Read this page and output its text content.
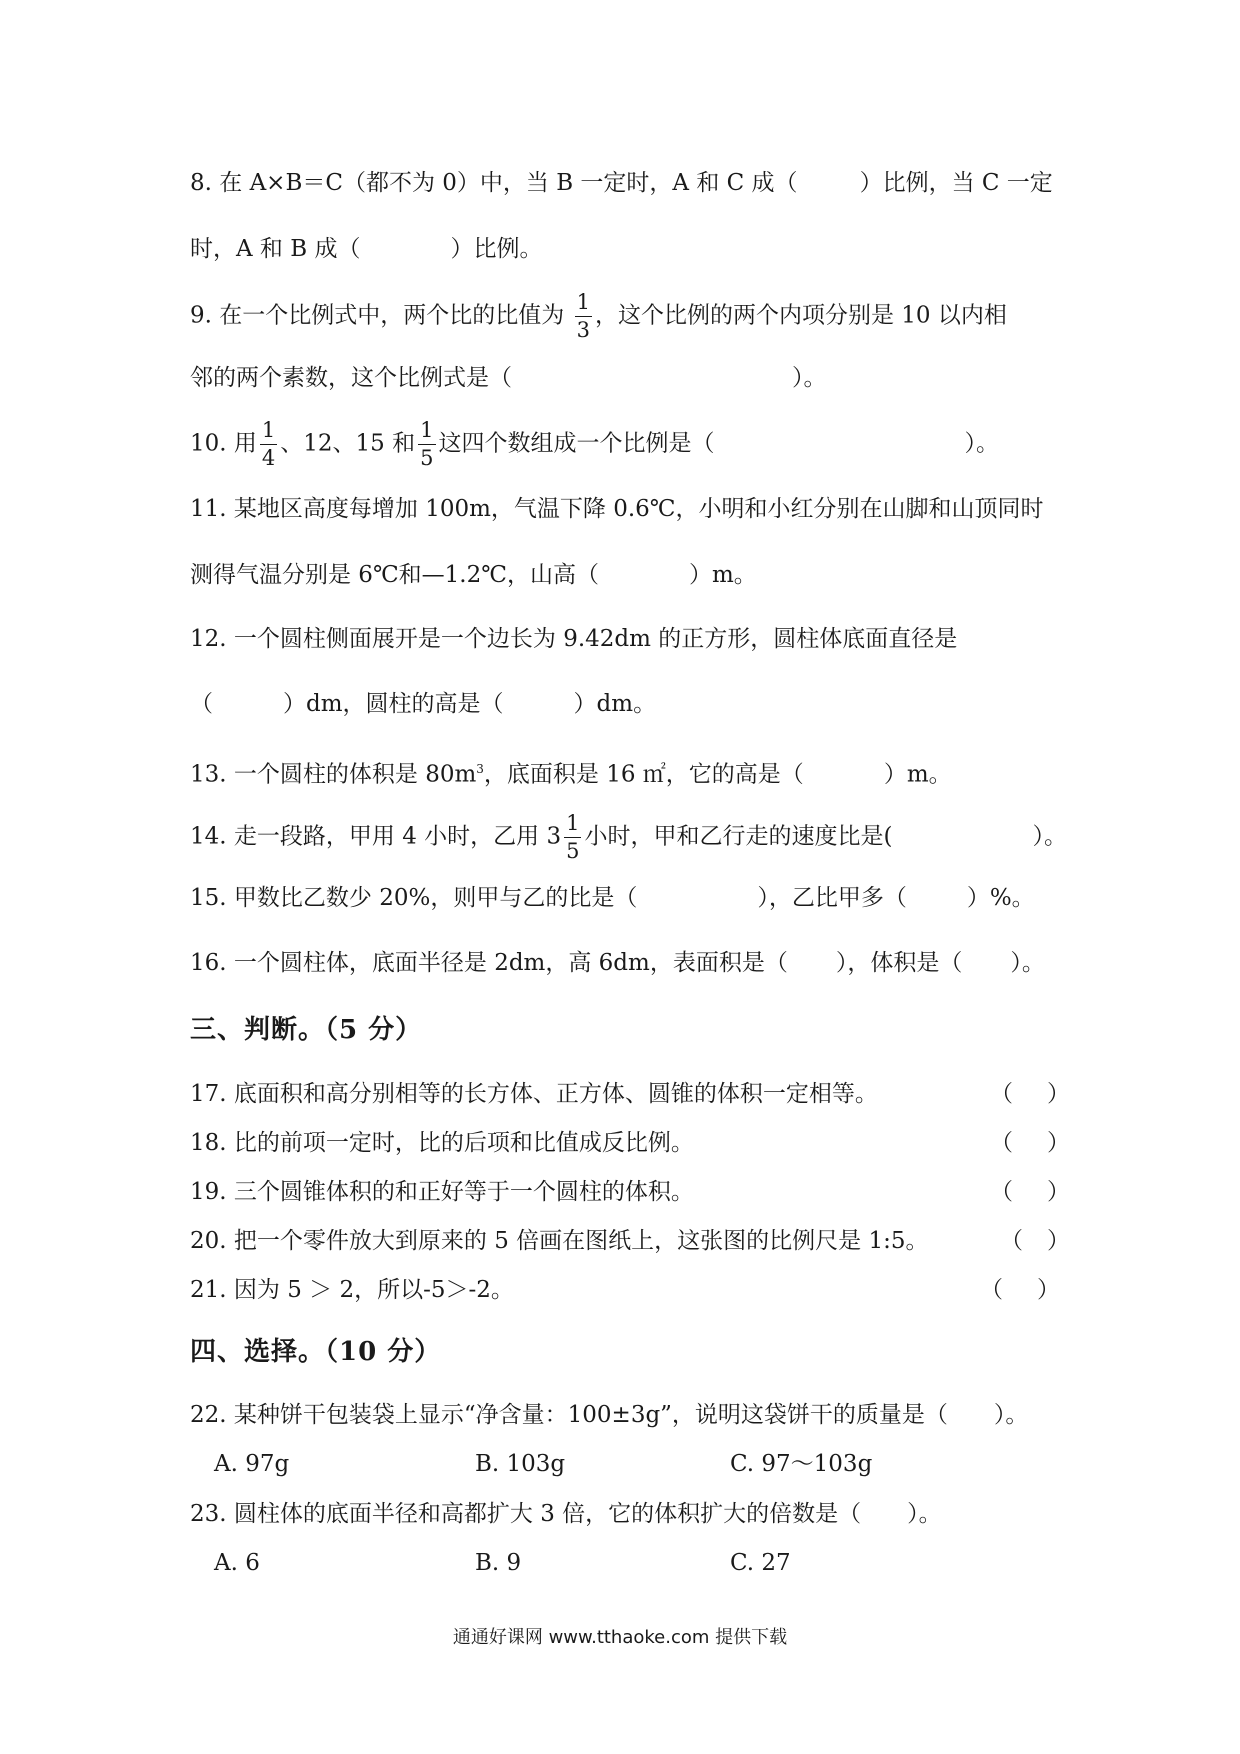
8. 在 A×B＝C（都不为 0）中，当 B 一定时，A 和 C 成（	）比例，当 C 一定
时，A 和 B 成（	）比例。
9. 在一个比例式中，两个比的比值为 $\frac{1}{3}$ ，这个比例的两个内项分别是 10 以内相
邻的两个素数，这个比例式是（	）。
10. 用 $\frac{1}{4}$ 、12、15 和 $\frac{1}{5}$ 这四个数组成一个比例是（	）。
11. 某地区高度每增加 100m，气温下降 0.6℃，小明和小红分别在山脚和山顶同时
测得气温分别是 6℃和—1.2℃，山高（	）m。
12. 一个圆柱侧面展开是一个边长为 9.42dm 的正方形，圆柱体底面直径是
（	）dm，圆柱的高是（	）dm。
13. 一个圆柱的体积是 $80m^3$，底面积是 16 ㎡，它的高是（	）m。
14. 走一段路，甲用 4 小时，乙用 $3 \frac{1}{5}$ 小时，甲和乙行走的速度比是(	）。
15. 甲数比乙数少 20%，则甲与乙的比是（	），乙比甲多（	）%。
16. 一个圆柱体，底面半径是 2dm，高 6dm，表面积是（ ），体积是（ ）。
三、判断。（5 分）
17. 底面积和高分别相等的长方体、正方体、圆锥的体积一定相等。	（ ）
18. 比的前项一定时，比的后项和比值成反比例。	（ ）
19. 三个圆锥体积的和正好等于一个圆柱的体积。	（ ）
20. 把一个零件放大到原来的 5 倍画在图纸上，这张图的比例尺是 1:5。	（ ）
21. 因为 5 ＞ 2，所以-5＞-2。	（ ）
四、选择。（10 分）
22. 某种饼干包装袋上显示“净含量：100±3g”，说明这袋饼干的质量是（　　）。
A. 97g	B. 103g	C. 97～103g
23. 圆柱体的底面半径和高都扩大 3 倍，它的体积扩大的倍数是（　　）。
A. 6	B. 9	C. 27
通通好课网 www.tthaoke.com 提供下载
